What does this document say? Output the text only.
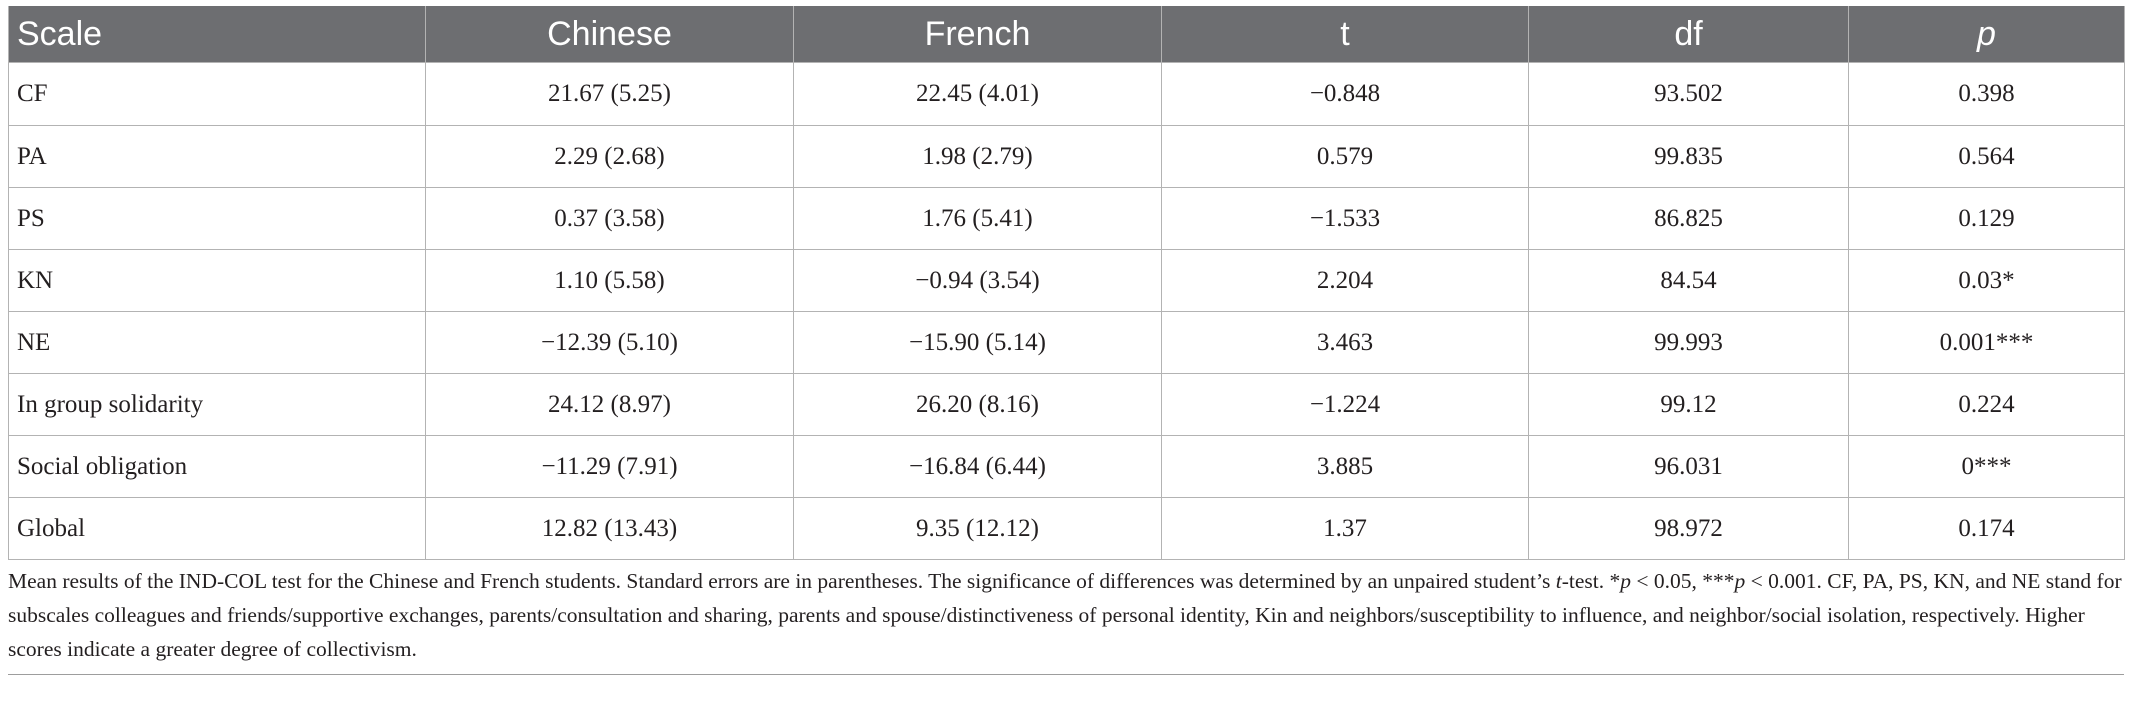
Scale	Chinese	French	t	df	p
CF	21.67 (5.25)	22.45 (4.01)	−0.848	93.502	0.398
PA	2.29 (2.68)	1.98 (2.79)	0.579	99.835	0.564
PS	0.37 (3.58)	1.76 (5.41)	−1.533	86.825	0.129
KN	1.10 (5.58)	−0.94 (3.54)	2.204	84.54	0.03*
NE	−12.39 (5.10)	−15.90 (5.14)	3.463	99.993	0.001***
In group solidarity	24.12 (8.97)	26.20 (8.16)	−1.224	99.12	0.224
Social obligation	−11.29 (7.91)	−16.84 (6.44)	3.885	96.031	0***
Global	12.82 (13.43)	9.35 (12.12)	1.37	98.972	0.174
Mean results of the IND-COL test for the Chinese and French students. Standard errors are in parentheses. The significance of differences was determined by an unpaired student’s t-test. *p < 0.05, ***p < 0.001. CF, PA, PS, KN, and NE stand for subscales colleagues and friends/supportive exchanges, parents/consultation and sharing, parents and spouse/distinctiveness of personal identity, Kin and neighbors/susceptibility to influence, and neighbor/social isolation, respectively. Higher scores indicate a greater degree of collectivism.
